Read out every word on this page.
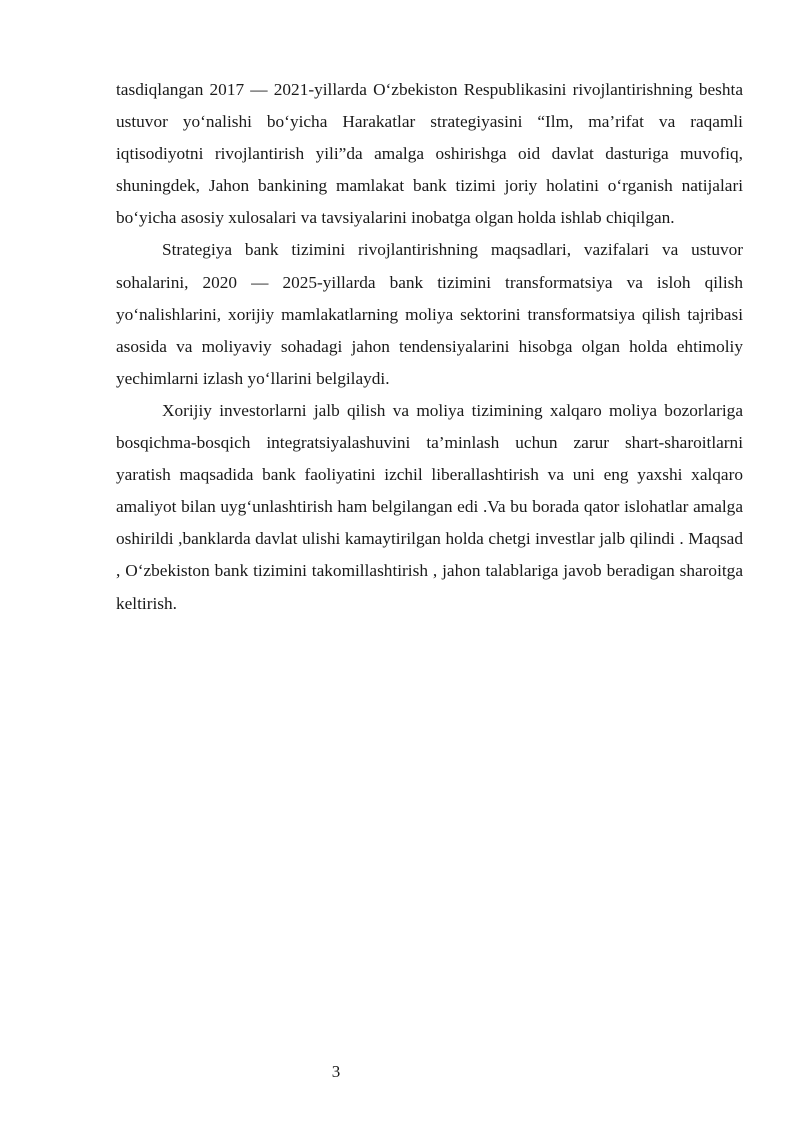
tasdiqlangan 2017 — 2021-yillarda O‘zbekiston Respublikasini rivojlantirishning beshta ustuvor yo‘nalishi bo‘yicha Harakatlar strategiyasini “Ilm, ma’rifat va raqamli iqtisodiyotni rivojlantirish yili”da amalga oshirishga oid davlat dasturiga muvofiq, shuningdek, Jahon bankining mamlakat bank tizimi joriy holatini o‘rganish natijalari bo‘yicha asosiy xulosalari va tavsiyalarini inobatga olgan holda ishlab chiqilgan.

Strategiya bank tizimini rivojlantirishning maqsadlari, vazifalari va ustuvor sohalarini, 2020 — 2025-yillarda bank tizimini transformatsiya va isloh qilish yo‘nalishlarini, xorijiy mamlakatlarning moliya sektorini transformatsiya qilish tajribasi asosida va moliyaviy sohadagi jahon tendensiyalarini hisobga olgan holda ehtimoliy yechimlarni izlash yo‘llarini belgilaydi.

Xorijiy investorlarni jalb qilish va moliya tizimining xalqaro moliya bozorlariga bosqichma-bosqich integratsiyalashuvini ta’minlash uchun zarur shart-sharoitlarni yaratish maqsadida bank faoliyatini izchil liberallashtirish va uni eng yaxshi xalqaro amaliyot bilan uyg‘unlashtirish ham belgilangan edi .Va bu borada qator islohatlar amalga oshirildi ,banklarda davlat ulishi kamaytirilgan holda chetgi investlar jalb qilindi . Maqsad , O‘zbekiston bank tizimini takomillashtirish , jahon talablariga javob beradigan sharoitga keltirish.

3
